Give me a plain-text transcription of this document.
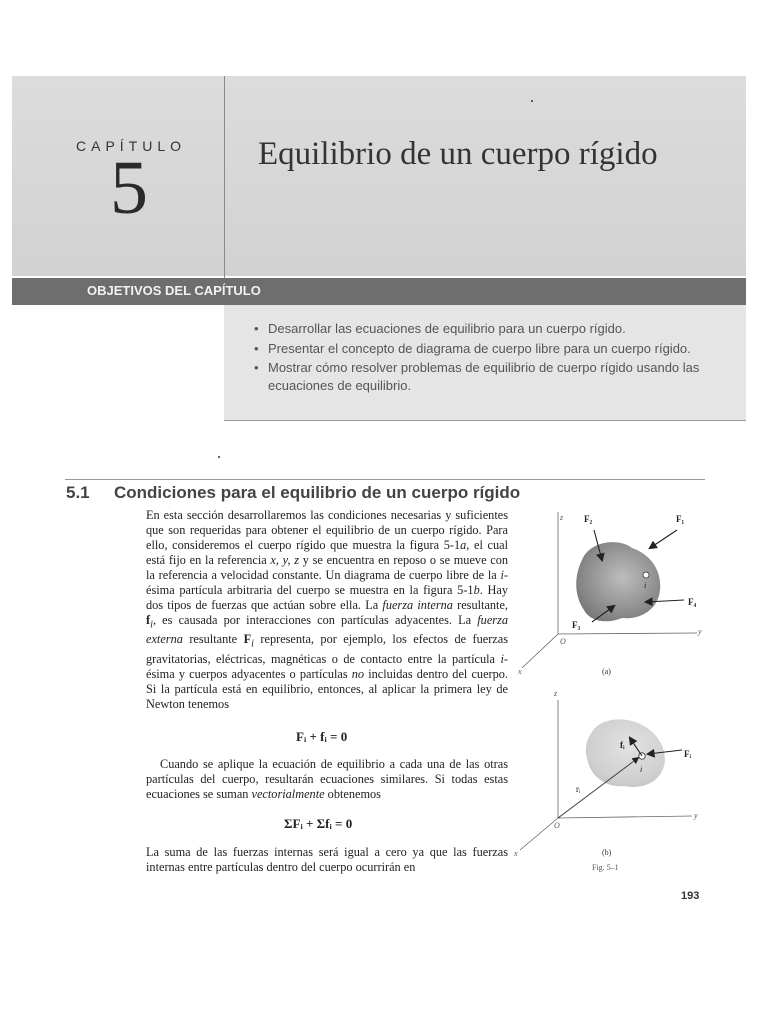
CAPÍTULO
5	Equilibrio de un cuerpo rígido
OBJETIVOS DEL CAPÍTULO
• Desarrollar las ecuaciones de equilibrio para un cuerpo rígido.
• Presentar el concepto de diagrama de cuerpo libre para un cuerpo rígido.
• Mostrar cómo resolver problemas de equilibrio de cuerpo rígido usando las ecuaciones de equilibrio.
5.1 Condiciones para el equilibrio de un cuerpo rígido

En esta sección desarrollaremos las condiciones necesarias y suficientes que son requeridas para obtener el equilibrio de un cuerpo rígido. Para ello, consideremos el cuerpo rígido que muestra la figura 5-1a, el cual está fijo en la referencia x, y, z y se encuentra en reposo o se mueve con la referencia a velocidad constante. Un diagrama de cuerpo libre de la i-ésima partícula arbitraria del cuerpo se muestra en la figura 5-1b. Hay dos tipos de fuerzas que actúan sobre ella. La fuerza interna resultante, $f_i$, es causada por interacciones con partículas adyacentes. La fuerza externa resultante $F_i$ representa, por ejemplo, los efectos de fuerzas gravitatorias, eléctricas, magnéticas o de contacto entre la partícula i-ésima y cuerpos adyacentes o partículas no incluidas dentro del cuerpo. Si la partícula está en equilibrio, entonces, al aplicar la primera ley de Newton tenemos

Fᵢ + fᵢ = 0

Cuando se aplique la ecuación de equilibrio a cada una de las otras partículas del cuerpo, resultarán ecuaciones similares. Si todas estas ecuaciones se suman vectorialmente obtenemos

ΣFᵢ + Σfᵢ = 0

La suma de las fuerzas internas será igual a cero ya que las fuerzas internas entre partículas dentro del cuerpo ocurrirán en

z
y
x
O
F₂	F₁
F₄
F₃
i
(a)
z
y
x
O
fᵢ
Fᵢ
rᵢ
i
(b)
Fig. 5–1
193
